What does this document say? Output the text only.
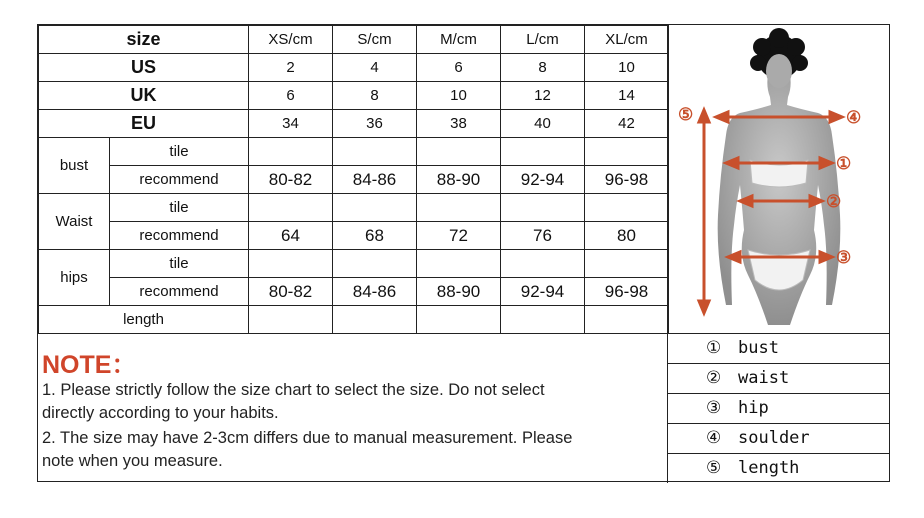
size		XS/cm	S/cm	M/cm	L/cm	XL/cm
US		2	4	6	8	10
UK		6	8	10	12	14
EU		34	36	38	40	42
bust	tile					
	recommend	80-82	84-86	88-90	92-94	96-98
Waist	tile					
	recommend	64	68	72	76	80
hips	tile					
	recommend	80-82	84-86	88-90	92-94	96-98
length						
⑤	④
①
②
③
NOTE：
1. Please strictly follow the size chart to select the size. Do not select
directly according to your habits.
2. The size may have 2-3cm differs due to manual measurement. Please
note when you measure.
① bust
② waist
③ hip
④ soulder
⑤ length
